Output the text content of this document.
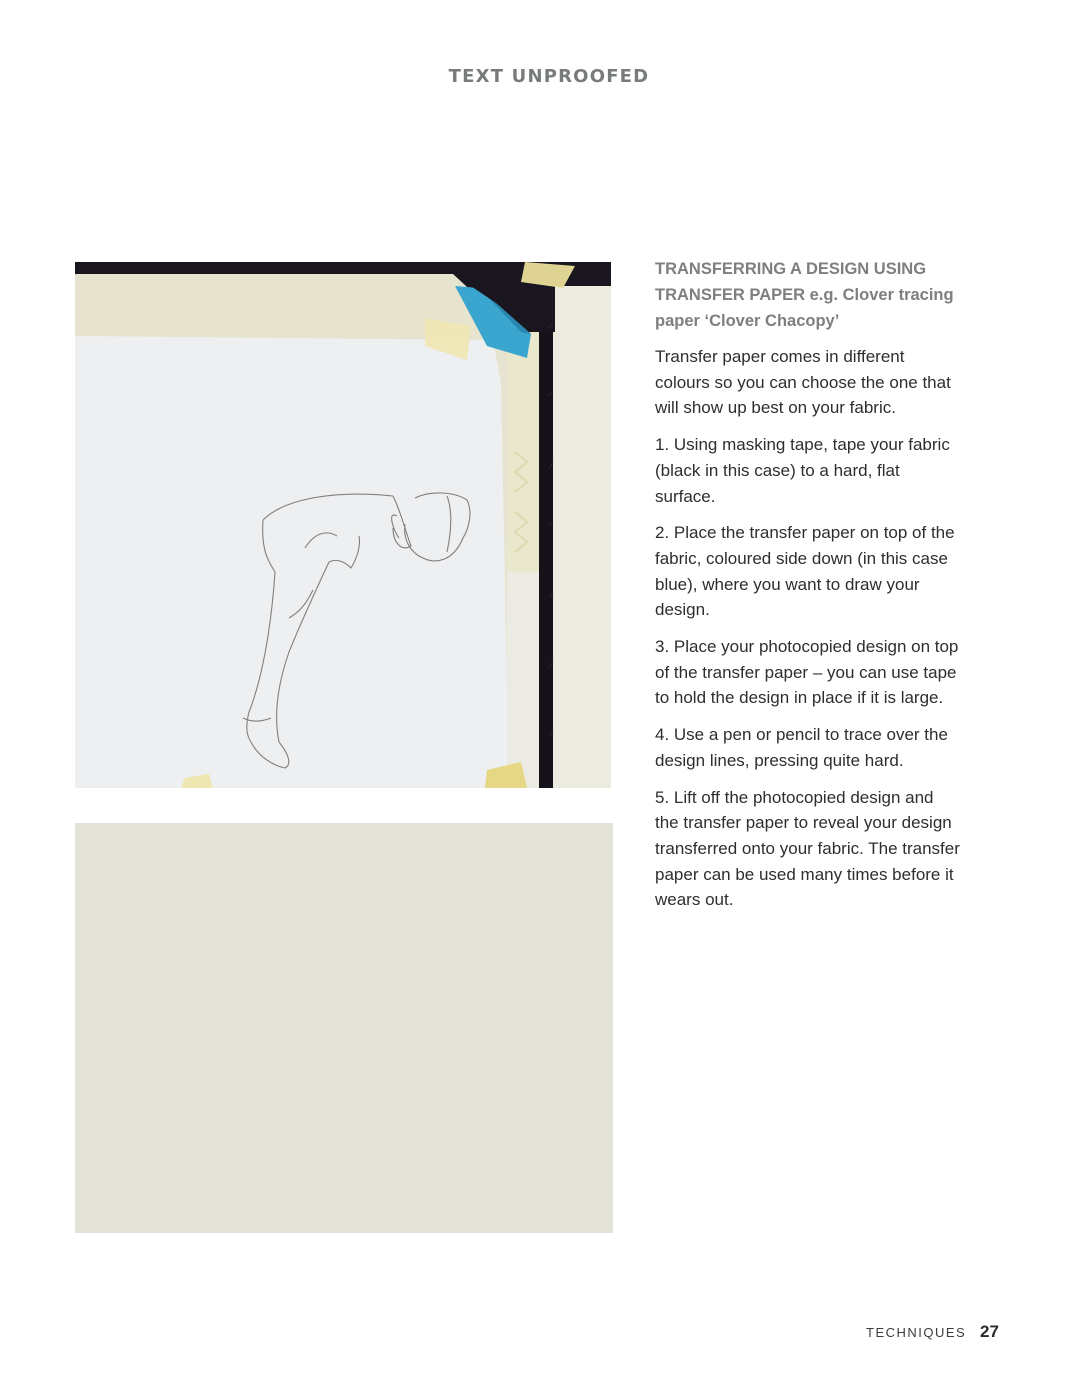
TEXT UNPROOFED

TRANSFERRING A DESIGN USING TRANSFER PAPER e.g. Clover tracing paper ‘Clover Chacopy’

Transfer paper comes in different colours so you can choose the one that will show up best on your fabric.

1. Using masking tape, tape your fabric (black in this case) to a hard, flat surface.

2. Place the transfer paper on top of the fabric, coloured side down (in this case blue), where you want to draw your design.

3. Place your photocopied design on top of the transfer paper – you can use tape to hold the design in place if it is large.

4. Use a pen or pencil to trace over the design lines, pressing quite hard.

5. Lift off the photocopied design and the transfer paper to reveal your design transferred onto your fabric. The transfer paper can be used many times before it wears out.

TECHNIQUES 27
